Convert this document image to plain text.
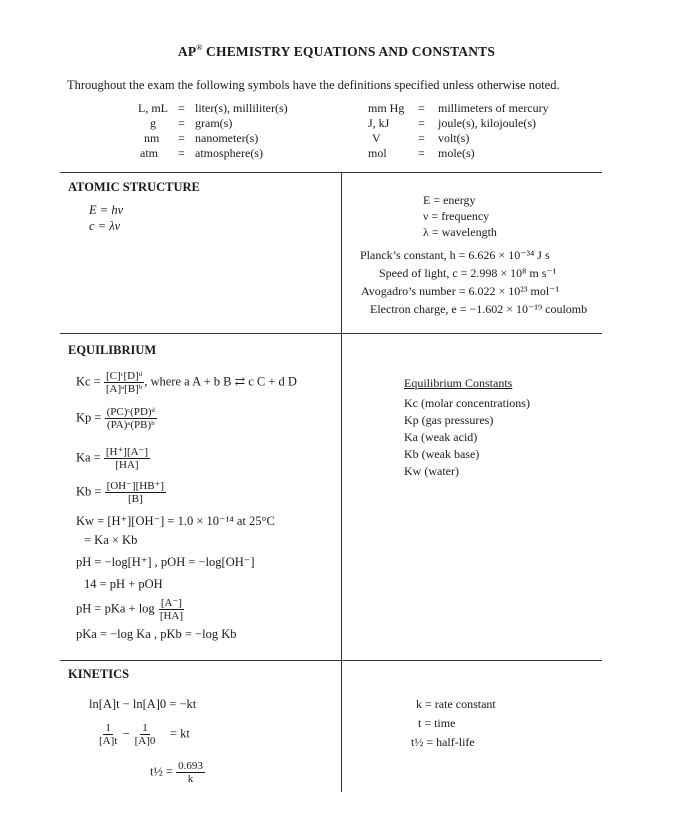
AP® CHEMISTRY EQUATIONS AND CONSTANTS
Throughout the exam the following symbols have the definitions specified unless otherwise noted.
L, mL = liter(s), milliliter(s)
g = gram(s)
nm = nanometer(s)
atm = atmosphere(s)
mm Hg = millimeters of mercury
J, kJ = joule(s), kilojoule(s)
V	= volt(s)
mol	= mole(s)
ATOMIC STRUCTURE
E = hν
c = λν
E = energy
ν = frequency
λ = wavelength
Planck’s constant, h = 6.626 × 10⁻³⁴ J s
Speed of light, c = 2.998 × 10⁸ m s⁻¹
Avogadro’s number = 6.022 × 10²³ mol⁻¹
Electron charge, e = −1.602 × 10⁻¹⁹ coulomb
EQUILIBRIUM
$Kc = \frac{\text{[C]ᶜ[D]ᵈ}}{\text{[A]ᵃ[B]ᵇ}}$ , where a A + b B ⇄ c C + d D
$Kp = \frac{\text{(PC)ᶜ(PD)ᵈ}}{\text{(PA)ᵃ(PB)ᵇ}}$
$Ka = \frac{[H^+][A^-]}{[HA]}$
$Kb = \frac{[OH^-][HB^+]}{[B]}$
Kw = [H⁺][OH⁻] = 1.0 × 10⁻¹⁴ at 25°C
= Ka × Kb
pH = −log[H⁺] , pOH = −log[OH⁻]
14 = pH + pOH
pH = pKa + $\log \frac{[A^-]}{[HA]}$
pKa = −log Ka , pKb = −log Kb
Equilibrium Constants
Kc (molar concentrations)
Kp (gas pressures)
Ka (weak acid)
Kb (weak base)
Kw (water)
KINETICS
ln[A]t − ln[A]0 = −kt
$\frac{1}{[A]t} - \frac{1}{[A]0}$ = kt
t½ = $\frac{0.693}{k}$
k = rate constant
t = time
t½ = half-life
